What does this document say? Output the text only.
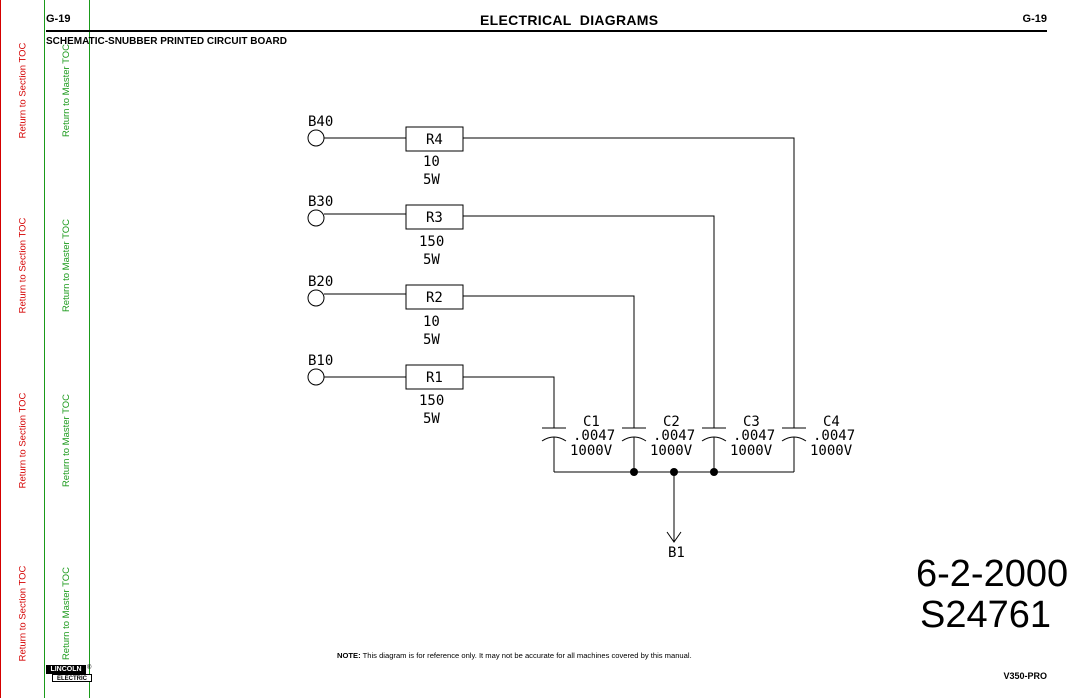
Return to Section TOC
Return to Section TOC
Return to Section TOC
Return to Section TOC
Return to Master TOC
Return to Master TOC
Return to Master TOC
Return to Master TOC
G-19	ELECTRICAL  DIAGRAMS	G-19
SCHEMATIC-SNUBBER PRINTED CIRCUIT BOARD
B40
B30
B20
B10
R4
R3
R2
R1
10
5W
150
5W
10
5W
150
5W	C1
.0047
1000V
C2
.0047
1000V
C3
.0047
1000V
C4
.0047
1000V
B1	6-2-2000
S24761
NOTE: This diagram is for reference only. It may not be accurate for all machines covered by this manual.
LINCOLN ®
ELECTRIC	V350-PRO
